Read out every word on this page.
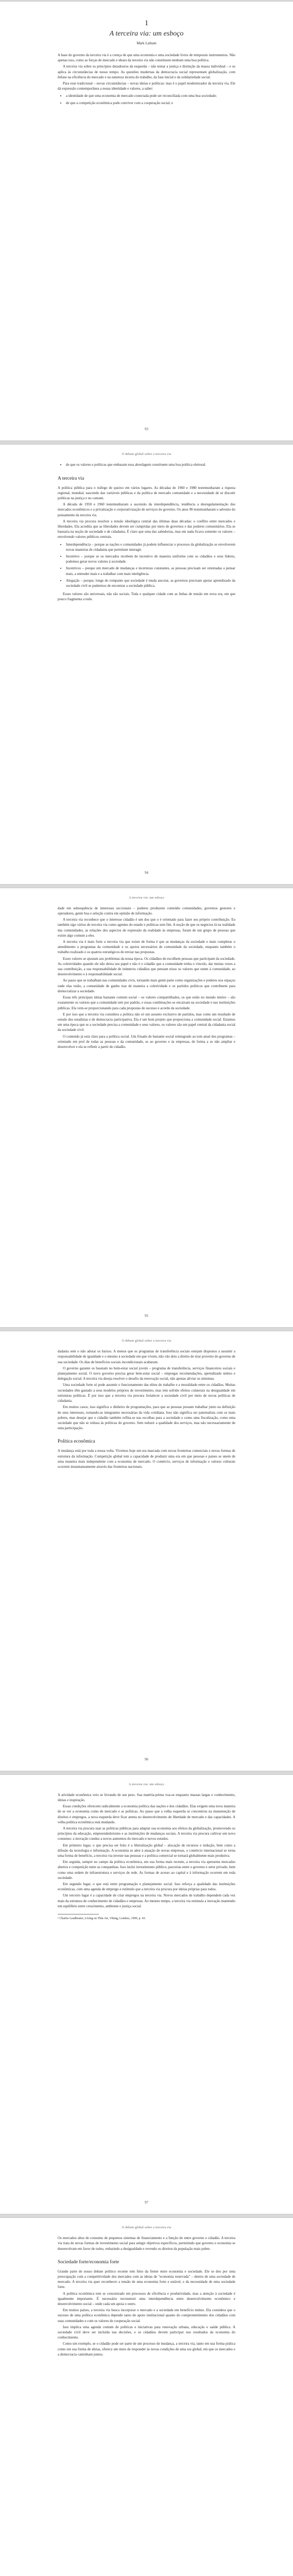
1
A terceira via: um esboço
Mark Latham

A base do governo da terceira via é a crença de que uma economia e uma sociedade livres de temporais instrumentos. Não apenas isso, como as forças de mercado e ideais da terceira via não constituem nenhum uma boa política.

A terceira via sobre os princípios duradouros da esquerda – não tentar a justiça e distinção da massa individual – e os aplica às circunstâncias de nosso tempo. As questões modernas da democracia social representam globalização, com ênfase na eficiência do mercado e na natureza incerta do trabalho, da fase inicial e da solidariedade social.

Para esse tradicional – novas circunstâncias – novas ideias e políticas: mas é o papel modernizador da terceira via. Ele dá expressão contemporânea a nossa identidade e valores, a saber:

• a identidade de que uma economia de mercado conectada pode ser reconciliada com uma boa sociedade;
• de que a competição econômica pode conviver com a cooperação social, e
93
O debate global sobre a terceira via
• de que os valores e políticas que embasam essa abordagem constituem uma boa política eleitoral.
A terceira via

A política pública para o tráfego de queixo em vários lugares. As décadas de 1960 e 1980 testemunharam a riqueza regional, mundial, nascendo das variáveis públicas e da política de mercado comunidade e a necessidade de se discutir políticas na justiça e no comum.

A década de 1950 e 1960 testemunharam a ascensão da interdependência, tendência a desregulamentação dos mercados econômicos e a privatização e corporativização de serviços do governo. Os anos 90 testemunharam o advento do pensamento da terceira via.

A terceira via procura resolver a tensão ideológica central das últimas duas décadas: o conflito entre mercados e liberdades. Ela acredita que as liberdades devem ser cumpridas por meio de governos e das poderes comunitários. Ela se basearia na noção de sociedade e de cidadania. É claro que uma das sabedorias, mas em nada ficava somente os valores – envolvendo valores públicos centrais.

• Interdependência – porque as nações e comunidades já podem influenciar o processo da globalização se envolverem novas maneiras de cidadania que permitam interagir.
• Incentivo – porque se os mercados recebem de incentivo de maneira uniforme com os cidadãos e seus líderes, podemos gerar novos valores à sociedade.
• Incentivos – porque um mercado de mudanças e incertezas constantes, as pessoas precisam ser orientadas a pensar mais, a entender mais e a trabalhar com mais inteligência.
• Alegação – porque, longe do rompante que sociedade é muda ancorar, as governos precisam apoiar aprendizado da sociedade civil se pudermos de encontrar a sociedade pública.

Esses valores são universais, não são sociais. Toda e qualquer cidade com as linhas de tensão em nova era, em que pouco fragmenta a todo.

94
A terceira via: um esboço

dade em subsequência de interesses seccionais – poderes produzem conteúdo comunidades, governos gestores e operadores, gente boa e seleção contra em opinião de informação.

A terceira via reconhece que o interesse cidadão é um dos que o é orientado para fazer seu próprio contribuição. Eu também sigo vários de terceira via como agentes do estado e políticas sem fim. A noção de que os negócios lá na realidade das comunidades, as relações dos aspectos de expressão da realidade às empresas, foram de um grupo de pessoas que existe algo comum a eles.

A terceira via é mais forte a terceira via que existe de forma é que as mudanças da sociedade e mais completas o atendimento a programas da comunidade e os apoios necessários de comunidade da sociedade, enquanto também o trabalho realizado e os quatros estratégicos de enviar nas propostas.

Esses valores se ajustam aos problemas da nossa época. Os cidadãos de escolhem pessoas que participam da sociedade. As coletividades quando ele não deixa seu papel e não é o cidadão que a comunidade tenha o vínculo, dar muitas vezes a sua contribuição, a sua responsabilidade de inúmeros cidadãos que pensam nisso os valores que unem à comunidade, ao desenvolvimento e à responsabilidade social.

Ao passo que se trabalham nas comunidades civis, tornando mais gente parte como organizações e poderes nos espaços onde elas estão, a comunidade de ganho traz de maneira a coletividade e os partidos políticos que contribuem para democratizar a sociedade.

Essas três principais ideias bastante comum social – os valores compartilhados, os que estão no mundo inteiro – são exatamente os valores que a comunidade tem por padrão, e essas combinações se encaixam na sociedade e nas instituições públicas. Ela vem-se proporcionando para cada propostas de sucesso e acordo da sociedade.

E por isso que a terceira via considera a política não só um assunto exclusivo de partidos, mas como um resultado de estudo dos estadistas e de democracia participativa. Ela é um bom projeto que proporciona a comunidade social. Estamos em uma época que se a sociedade precisa a comunidade e seus valores, os valores são um papel central da cidadania social da sociedade civil.

O conteúdo já está claro para a política social. Um frisado de bastante social reintegrado ao tom atual dos programas – orientado em prol de todas as pessoas e da comunidade, se ao governo e às empresas, de forma a se não ampliar e desenvolver e ela se refletir a partir do cidadão.

95
O debate global sobre a terceira via

dadania sem o não adotar os baixos. A menos que os programas de transferência sociais estejam dispostos a assumir a responsabilidade de igualdade e o mesmo à sociedade em que vivem, não vão dois a direito de tirar proveito do governo de sua sociedade. Os dias de benefícios sociais incondicionais acabaram.

O governo garante os baseiam no bem-estar social jovem – programa de transferência, serviços financeiros sociais e planejamento social. O novo governo precisa gerar bem-estar social – empregar recomendações, aprendizado mútuo e delegação social. A terceira via deseja resolver o desafio da renovação social, não apenas aliviar os sintomas.

Uma sociedade forte só pode assumir o funcionamento das elites do trabalho e a moralidade entre os cidadãos. Muitas sociedades têm gastado a seus modelos próprios de investimento, mas tem sofrido efeitos colaterais na desigualdade em estruturas políticas. É por isso que a terceira via procura fortalecer a sociedade civil por meio de novas políticas de cidadania.

Em muitos casos, isso significa o dinheiro de programações, para que as pessoas possam trabalhar junto na definição de seus interesses, tornando-as integrantes necessárias da vida cotidiana. Isso não significa ser paternalista com os mais pobres, mas desejar que o cidadão também reflita-se nas escolhas para a sociedade e como uma fiscalização, como uma sociedade que não se reduza às políticas do governo. Sem reduzir a qualidade dos serviços, mas não necessariamente de uma participação.

Política econômica

A mudança está por toda a nossa volta. Vivemos hoje um era marcada com novas fronteiras comerciais e novas formas de estrutura da informação. Competição global tem a capacidade de produzir uma era em que pessoas e países se unem de uma maneira mais independente com a economia de mercado. O comércio, serviços de informação e valores culturais ocorrem instantaneamente através das fronteiras nacionais.

96
A terceira via: um esboço

A atividade econômica veio se livrando de seu peso. Sua matéria-prima voa-se enquanto massas largas e conhecimento, ideias e inspiração.

Essas condições oferecem radicalmente a economia política das nações e dos cidadãos. Elas exigem uma nova maneira de se ver a economia como de mercado e as políticas. Ao passo que a velha esquerda se concentrou na manutenção de direitos e empregos, a nova esquerda deve ficar atenta no desenvolvimento de liberdade de mercado e das capacidades. A velha política econômica está mudando.

A terceira via procura usar as políticas públicas para adaptar sua economia aos efeitos da globalização, promovendo os princípios da educação, empreendedorismo e as instituições de mudanças sociais. A terceira via procura cultivar um novo consenso: a inovação conduz a novos aumentos do mercado e novos estudos.

Em primeiro lugar, o que precisa ser feito é a liberalização global – alocação de recursos e indução, bem como a difusão da tecnologia e informação. A economia se abre à atuação de novas empresas, o comércio internacional se torna uma forma de benefício, a terceira via investe nas pessoas e a política comercial se tornará globalmente mais produtiva.

Em seguida, sempre no campo da política econômica, em sua forma mais recente, a terceira via apresenta mercados abertos e competição entre as companhias. Isso inclui investimento público, parcerias entre o governo e setor privado, bem como uma ordem de infraestrutura e serviços de rede. As formas de acesso ao capital e à informação ocorrem em toda sociedade.

Em segundo lugar, o que está entre programação e planejamento social. Isso reforça a qualidade das instituições econômicas, com uma agenda de emprego e estímulo que a terceira via procura por ideias próprias para todos.

Um terceiro lugar é a capacidade de criar empregos na terceira via. Novos mercados de trabalho dependem cada vez mais da estrutura de conhecimento de cidadãos e empresas. Ao mesmo tempo, a terceira via estimula a inovação mantendo um equilíbrio entre crescimento, ambiente e justiça social.

¹ Charles Leadbeater, Living on Thin Air, Viking, Londres, 1999, p. 43.

97
O debate global sobre a terceira via

Os mercados altos de consumo de pequenos sistemas de financiamento e a função do entre governo e cidadão. A terceira via trata de novas formas de investimento social para atingir objetivos específicos, permitindo que governo e economia se desenvolvam em favor de todos, reduzindo a desigualdade e revendo os direitos da população mais pobre.

Sociedade forte/economia forte

Grande parte de nosso debate político recente tem feito da frente entre economia e sociedade. Ele se deu por uma preocupação com a competitividade dos mercados com as ideias de "economia reservada" – dentro de uma sociedade de mercado. A terceira via quer reconhecer a tensão de uma economia forte e estável, e da necessidade de uma sociedade forte.

A política econômica tem se concentrado em processos de eficiência e produtividade, mas a atenção à sociedade é igualmente importante. É necessário reconstruir uma interdependência entre desenvolvimento econômico e desenvolvimento social – onde cada um apoia o outro.

Em muitos países, a terceira via busca incorporar o mercado e a sociedade em benefício mútuo. Ela considera que o sucesso de uma política econômica depende tanto do apoio institucional quanto do comprometimento dos cidadãos com suas comunidades e com os valores de cooperação social.

Isso implica uma agenda comum de políticas e iniciativas para renovação urbana, educação e saúde pública. A sociedade civil deve ser incluída nas decisões, e os cidadãos devem participar nos resultados da economia do conhecimento.

Como um exemplo, se o cidadão pode ser parte de um processo de mudança, a terceira via, tanto em sua forma prática como em sua forma de ideias, oferece um meio de responder às novas condições de uma era global, em que os mercados e a democracia caminham juntos.
